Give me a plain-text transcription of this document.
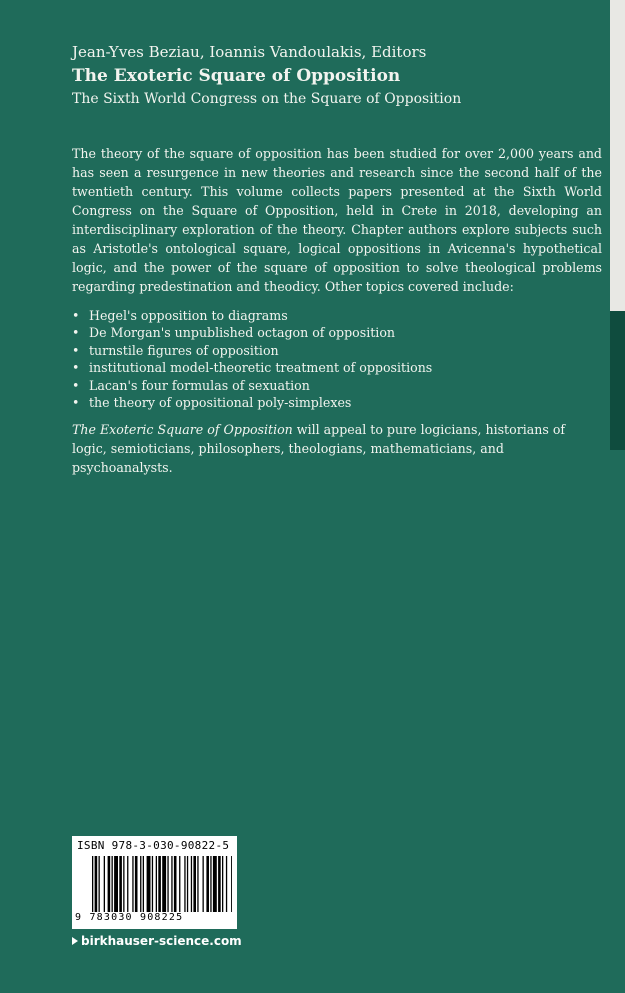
Jean-Yves Beziau, Ioannis Vandoulakis, Editors

The Exoteric Square of Opposition

The Sixth World Congress on the Square of Opposition

The theory of the square of opposition has been studied for over 2,000 years and has seen a resurgence in new theories and research since the second half of the twentieth century. This volume collects papers presented at the Sixth World Congress on the Square of Opposition, held in Crete in 2018, developing an interdisciplinary exploration of the theory. Chapter authors explore subjects such as Aristotle's ontological square, logical oppositions in Avicenna's hypothetical logic, and the power of the square of opposition to solve theological problems regarding predestination and theodicy. Other topics covered include:

• Hegel's opposition to diagrams
• De Morgan's unpublished octagon of opposition
• turnstile figures of opposition
• institutional model-theoretic treatment of oppositions
• Lacan's four formulas of sexuation
• the theory of oppositional poly-simplexes

The Exoteric Square of Opposition will appeal to pure logicians, historians of logic, semioticians, philosophers, theologians, mathematicians, and psychoanalysts.

ISBN 978-3-030-90822-5
9 783030 908225
birkhauser-science.com
